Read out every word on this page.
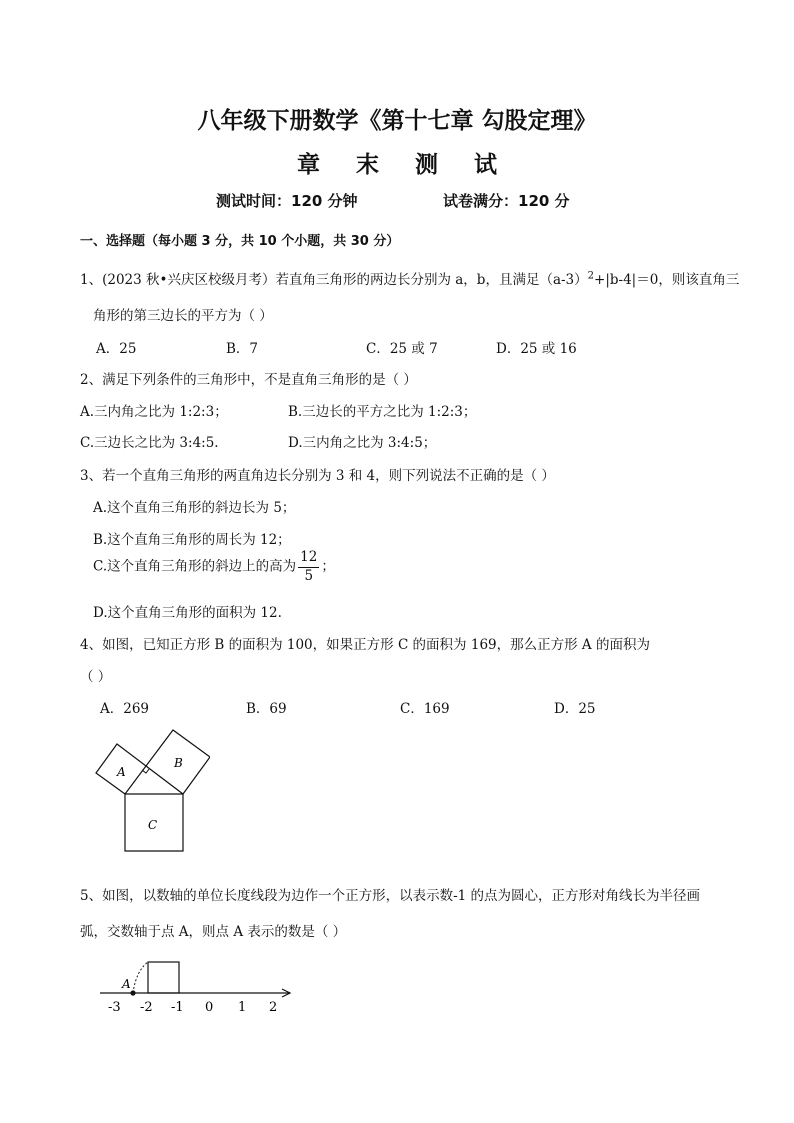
八年级下册数学《第十七章 勾股定理》
章 末 测 试
测试时间：120 分钟	试卷满分：120 分
一、选择题（每小题 3 分，共 10 个小题，共 30 分）
1、(2023 秋•兴庆区校级月考）若直角三角形的两边长分别为 a，b，且满足$(a-3)^2+|b-4|=0$，则该直角三
角形的第三边长的平方为（ ）
A．25	B．7	C．25 或 7	D．25 或 16
2、满足下列条件的三角形中，不是直角三角形的是（ ）
A.三内角之比为 1:2:3；	B.三边长的平方之比为 1:2:3；
C.三边长之比为 3:4:5.	D.三内角之比为 3:4:5；
3、若一个直角三角形的两直角边长分别为 3 和 4，则下列说法不正确的是（ ）
A.这个直角三角形的斜边长为 5；
B.这个直角三角形的周长为 12；
C.这个直角三角形的斜边上的高为 $\frac{12}{5}$ ；
D.这个直角三角形的面积为 12.
4、如图，已知正方形 B 的面积为 100，如果正方形 C 的面积为 169，那么正方形 A 的面积为
（ ）
A．269	B．69	C．169	D．25
A
B
C
5、如图，以数轴的单位长度线段为边作一个正方形，以表示数-1 的点为圆心，正方形对角线长为半径画
弧，交数轴于点 A，则点 A 表示的数是（ ）
A
-3 -2 -1 0 1 2
